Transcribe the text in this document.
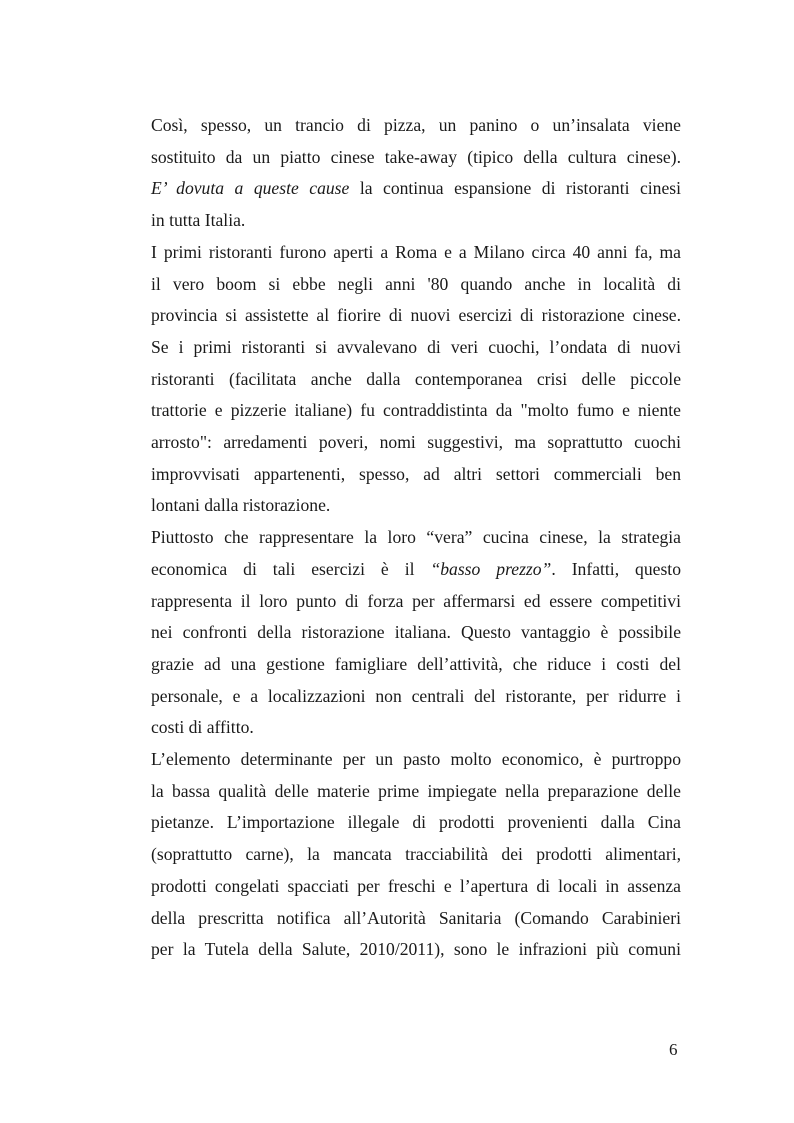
Così, spesso, un trancio di pizza, un panino o un’insalata viene
sostituito da un piatto cinese take-away (tipico della cultura cinese).
E’ dovuta a queste cause la continua espansione di ristoranti cinesi
in tutta Italia.

I primi ristoranti furono aperti a Roma e a Milano circa 40 anni fa, ma
il vero boom si ebbe negli anni '80 quando anche in località di
provincia si assistette al fiorire di nuovi esercizi di ristorazione cinese.
Se i primi ristoranti si avvalevano di veri cuochi, l’ondata di nuovi
ristoranti (facilitata anche dalla contemporanea crisi delle piccole
trattorie e pizzerie italiane) fu contraddistinta da "molto fumo e niente
arrosto": arredamenti poveri, nomi suggestivi, ma soprattutto cuochi
improvvisati appartenenti, spesso, ad altri settori commerciali ben
lontani dalla ristorazione.

Piuttosto che rappresentare la loro “vera” cucina cinese, la strategia
economica di tali esercizi è il “basso prezzo”. Infatti, questo
rappresenta il loro punto di forza per affermarsi ed essere competitivi
nei confronti della ristorazione italiana. Questo vantaggio è possibile
grazie ad una gestione famigliare dell’attività, che riduce i costi del
personale, e a localizzazioni non centrali del ristorante, per ridurre i
costi di affitto.

L’elemento determinante per un pasto molto economico, è purtroppo
la bassa qualità delle materie prime impiegate nella preparazione delle
pietanze. L’importazione illegale di prodotti provenienti dalla Cina
(soprattutto carne), la mancata tracciabilità dei prodotti alimentari,
prodotti congelati spacciati per freschi e l’apertura di locali in assenza
della prescritta notifica all’Autorità Sanitaria (Comando Carabinieri
per la Tutela della Salute, 2010/2011), sono le infrazioni più comuni

6
